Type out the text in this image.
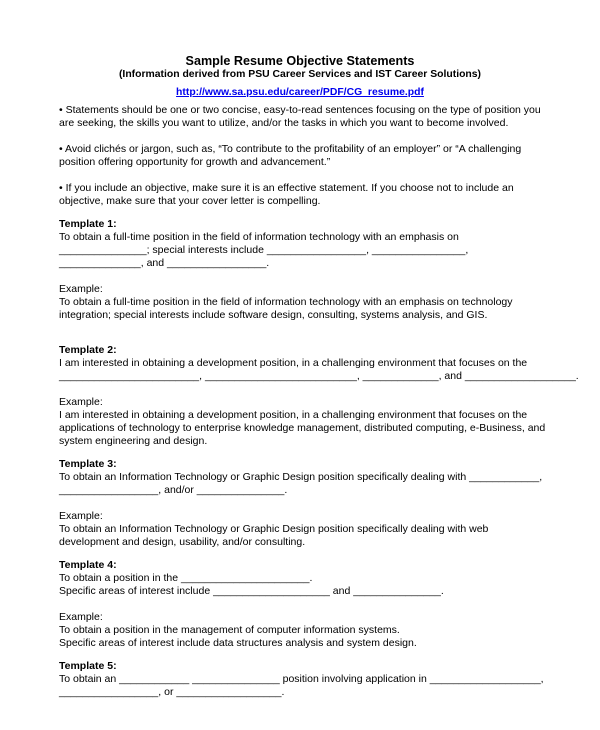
Sample Resume Objective Statements
(Information derived from PSU Career Services and IST Career Solutions)
http://www.sa.psu.edu/career/PDF/CG_resume.pdf

• Statements should be one or two concise, easy-to-read sentences focusing on the type of position you

are seeking, the skills you want to utilize, and/or the tasks in which you want to become involved.

• Avoid clichés or jargon, such as, “To contribute to the profitability of an employer” or “A challenging

position offering opportunity for growth and advancement.”

• If you include an objective, make sure it is an effective statement. If you choose not to include an

objective, make sure that your cover letter is compelling.

Template 1:

To obtain a full-time position in the field of information technology with an emphasis on

_______________; special interests include _________________, ________________,

______________, and _________________.

Example:

To obtain a full-time position in the field of information technology with an emphasis on technology

integration; special interests include software design, consulting, systems analysis, and GIS.

Template 2:

I am interested in obtaining a development position, in a challenging environment that focuses on the

________________________, __________________________, _____________, and ___________________.

Example:

I am interested in obtaining a development position, in a challenging environment that focuses on the

applications of technology to enterprise knowledge management, distributed computing, e-Business, and

system engineering and design.

Template 3:

To obtain an Information Technology or Graphic Design position specifically dealing with ____________,

_________________, and/or _______________.

Example:

To obtain an Information Technology or Graphic Design position specifically dealing with web

development and design, usability, and/or consulting.

Template 4:

To obtain a position in the ______________________.

Specific areas of interest include ____________________ and _______________.

Example:

To obtain a position in the management of computer information systems.

Specific areas of interest include data structures analysis and system design.

Template 5:

To obtain an ____________ _______________ position involving application in ___________________,

_________________, or __________________.
